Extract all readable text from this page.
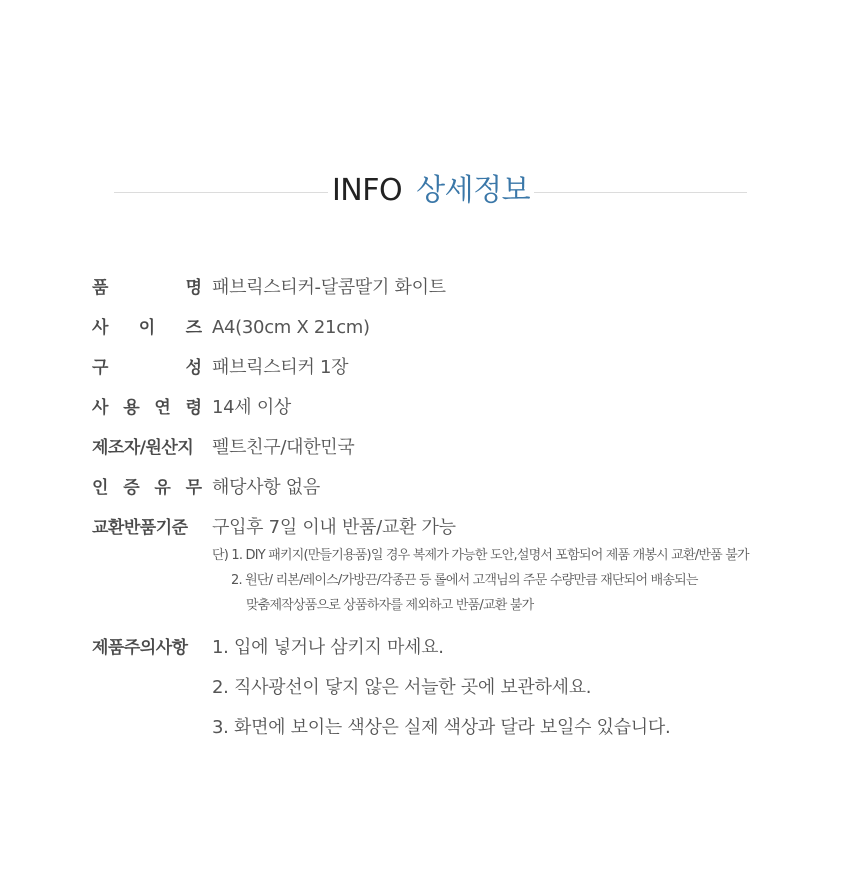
INFO 상세정보
품	명 패브릭스티커-달콤딸기 화이트
사 이 즈 A4(30cm X 21cm)
구	성 패브릭스티커 1장
사 용 연 령 14세 이상
제조자/원산지	펠트친구/대한민국
인 증 유 무 해당사항 없음
교환반품기준	구입후 7일 이내 반품/교환 가능
단) 1. DIY 패키지(만들기용품)일 경우 복제가 가능한 도안,설명서 포함되어 제품 개봉시 교환/반품 불가
2. 원단/ 리본/레이스/가방끈/각종끈 등 롤에서 고객님의 주문 수량만큼 재단되어 배송되는
맞춤제작상품으로 상품하자를 제외하고 반품/교환 불가
제품주의사항	1. 입에 넣거나 삼키지 마세요.
2. 직사광선이 닿지 않은 서늘한 곳에 보관하세요.
3. 화면에 보이는 색상은 실제 색상과 달라 보일수 있습니다.
